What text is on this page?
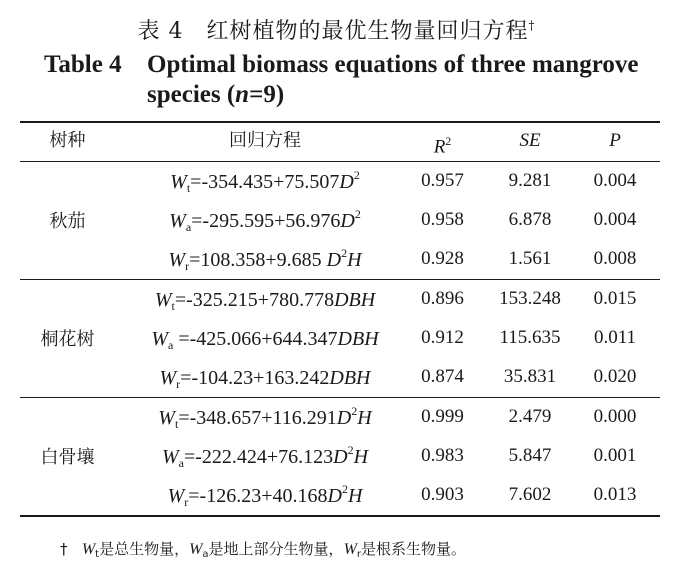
表 4　红树植物的最优生物量回归方程†
Table 4 Optimal biomass equations of three mangrove
species (n=9)
树种	回归方程	$R^2$	SE	P
秋茄
$W_t=-354.435+75.507D^2$	0.957	9.281	0.004
$W_a=-295.595+56.976D^2$	0.958	6.878	0.004
$W_r=108.358+9.685$ $D^2H$	0.928	1.561	0.008
桐花树
$W_t=-325.215+780.778DBH$	0.896	153.248	0.015
$W_a =-425.066+644.347DBH$	0.912	115.635	0.011
$W_r=-104.23+163.242DBH$	0.874	35.831	0.020
白骨壤
$W_t=-348.657+116.291D^2H$	0.999	2.479	0.000
$W_a=-222.424+76.123D^2H$	0.983	5.847	0.001
$W_r=-126.23+40.168D^2H$	0.903	7.602	0.013
† $W_t$是总生物量，$W_a$是地上部分生物量，$W_r$是根系生物量。
